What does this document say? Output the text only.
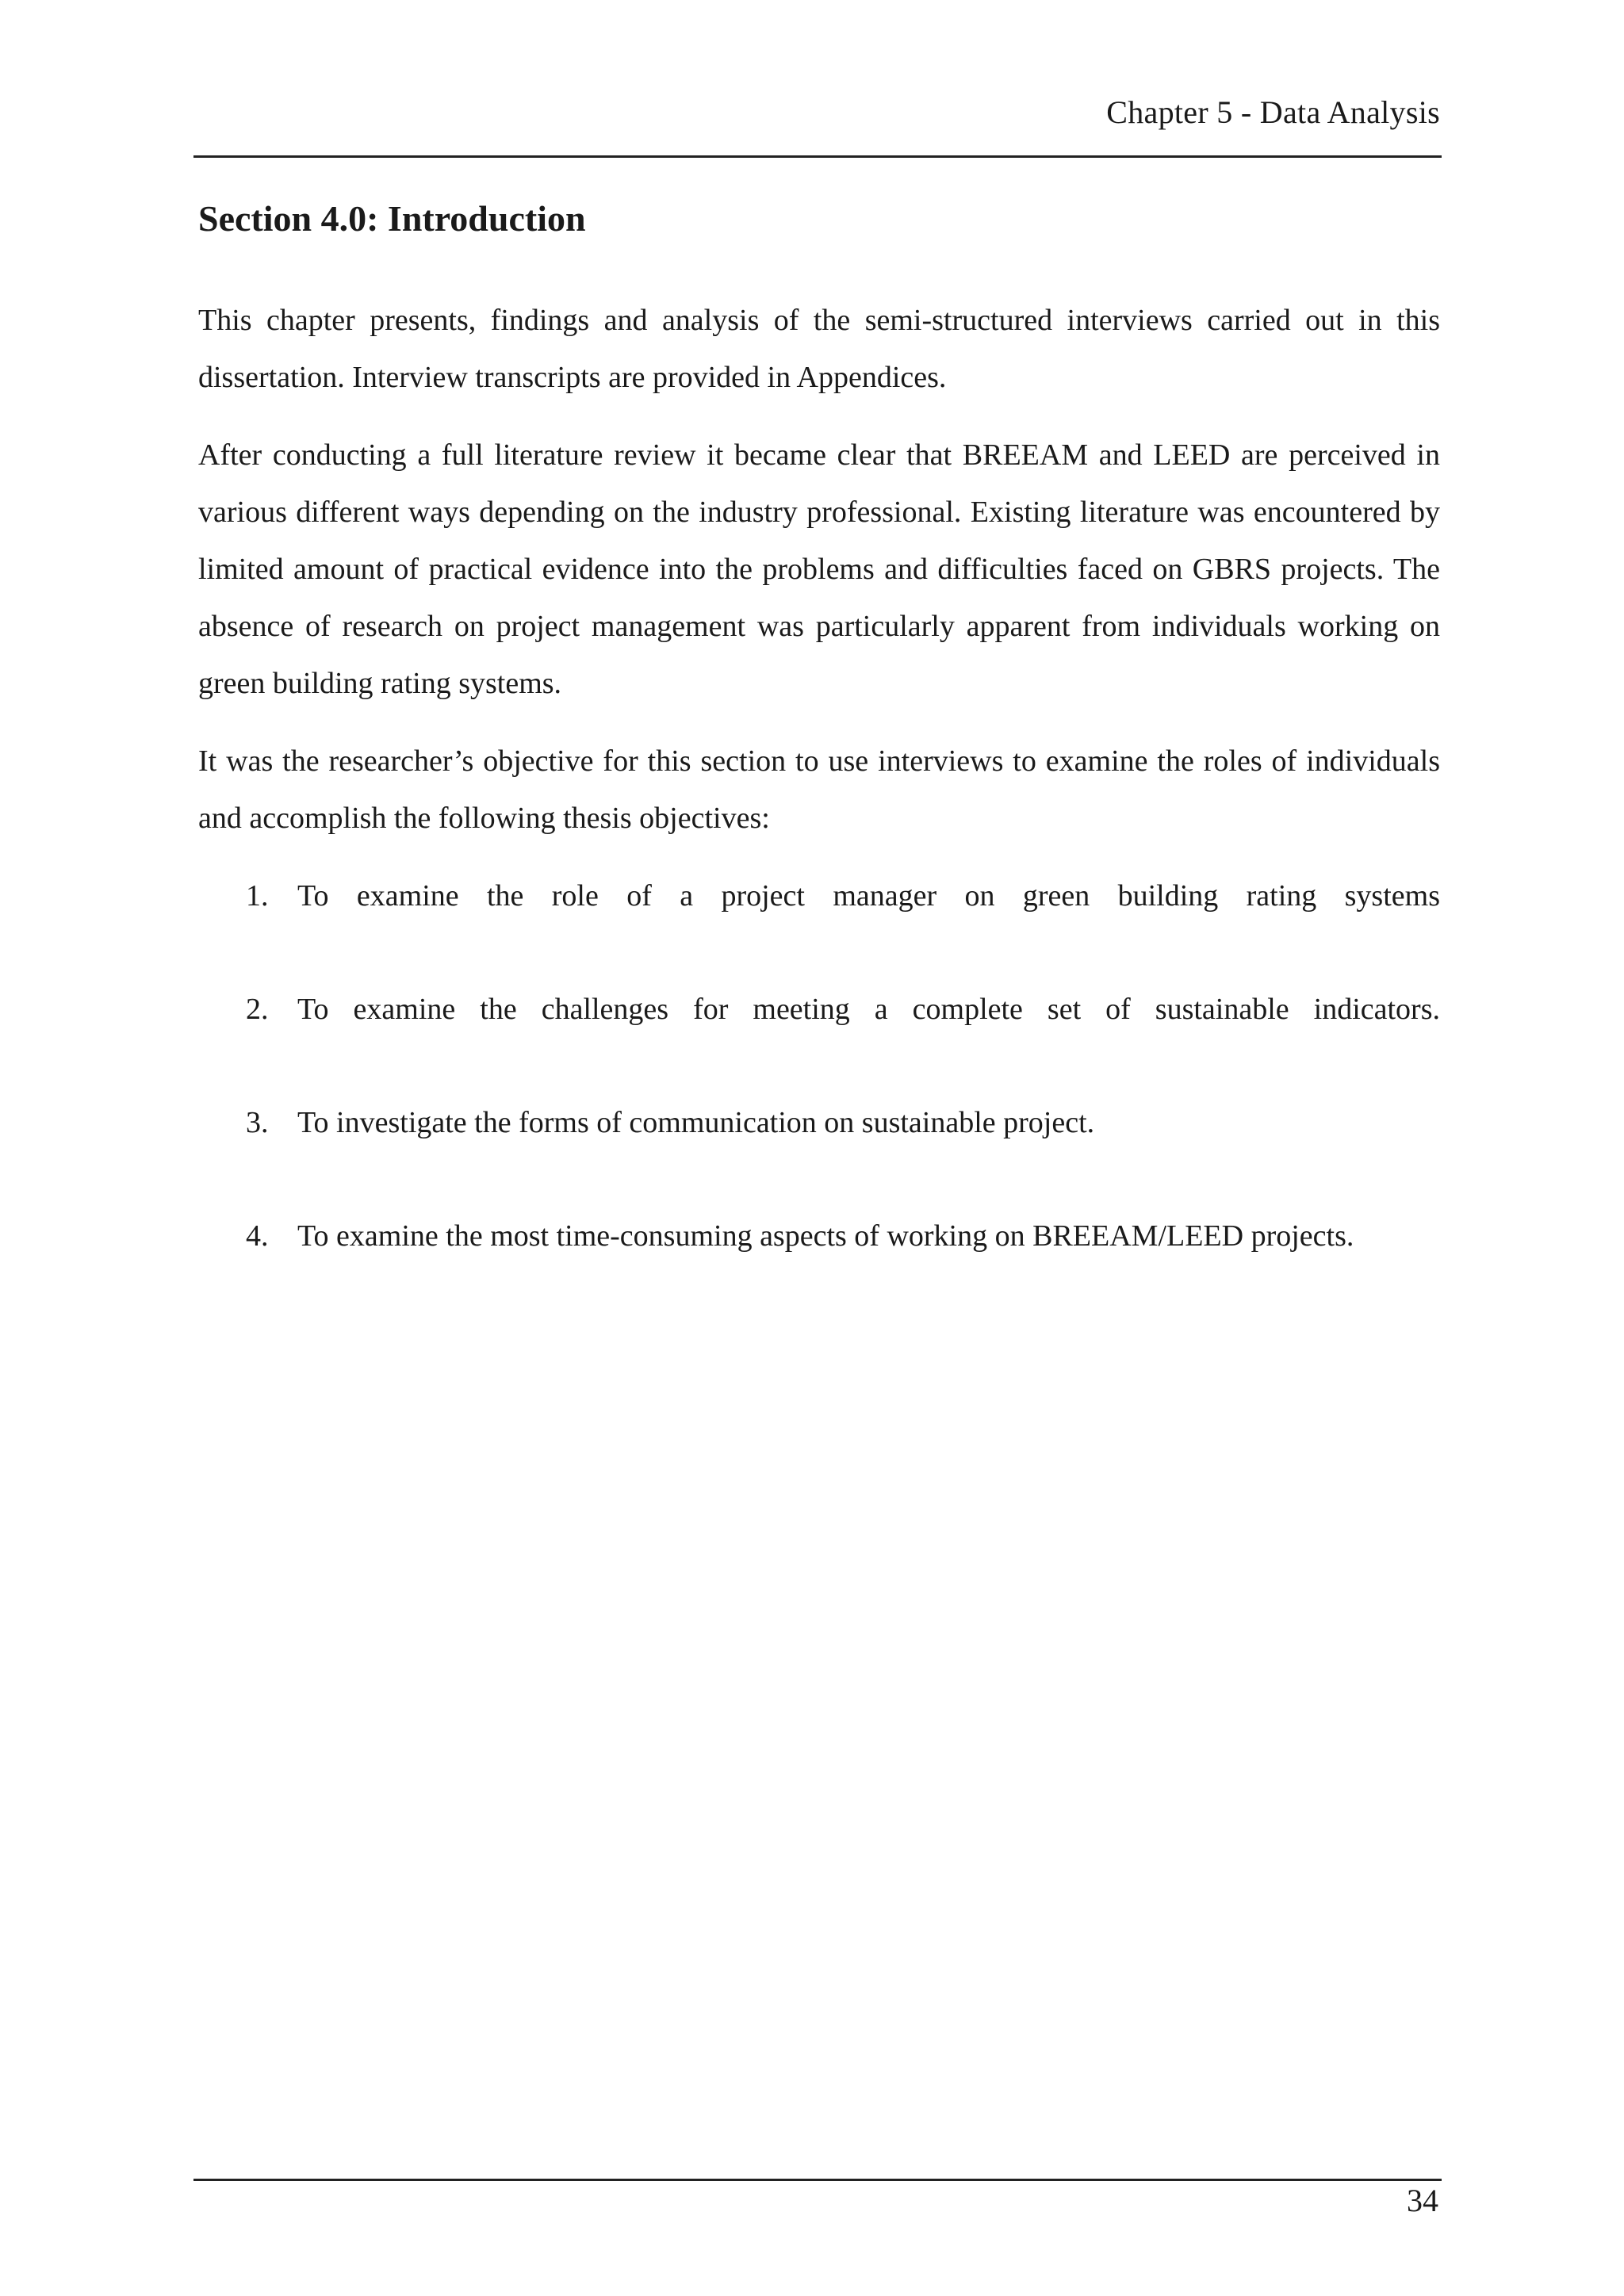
Chapter 5 - Data Analysis
Section 4.0: Introduction

This chapter presents, findings and analysis of the semi-structured interviews carried out in this dissertation. Interview transcripts are provided in Appendices.

After conducting a full literature review it became clear that BREEAM and LEED are perceived in various different ways depending on the industry professional. Existing literature was encountered by limited amount of practical evidence into the problems and difficulties faced on GBRS projects. The absence of research on project management was particularly apparent from individuals working on green building rating systems.

It was the researcher’s objective for this section to use interviews to examine the roles of individuals and accomplish the following thesis objectives:

1. To examine the role of a project manager on green building rating systems
2. To examine the challenges for meeting a complete set of sustainable indicators.
3. To investigate the forms of communication on sustainable project.
4. To examine the most time-consuming aspects of working on BREEAM/LEED projects.
34
